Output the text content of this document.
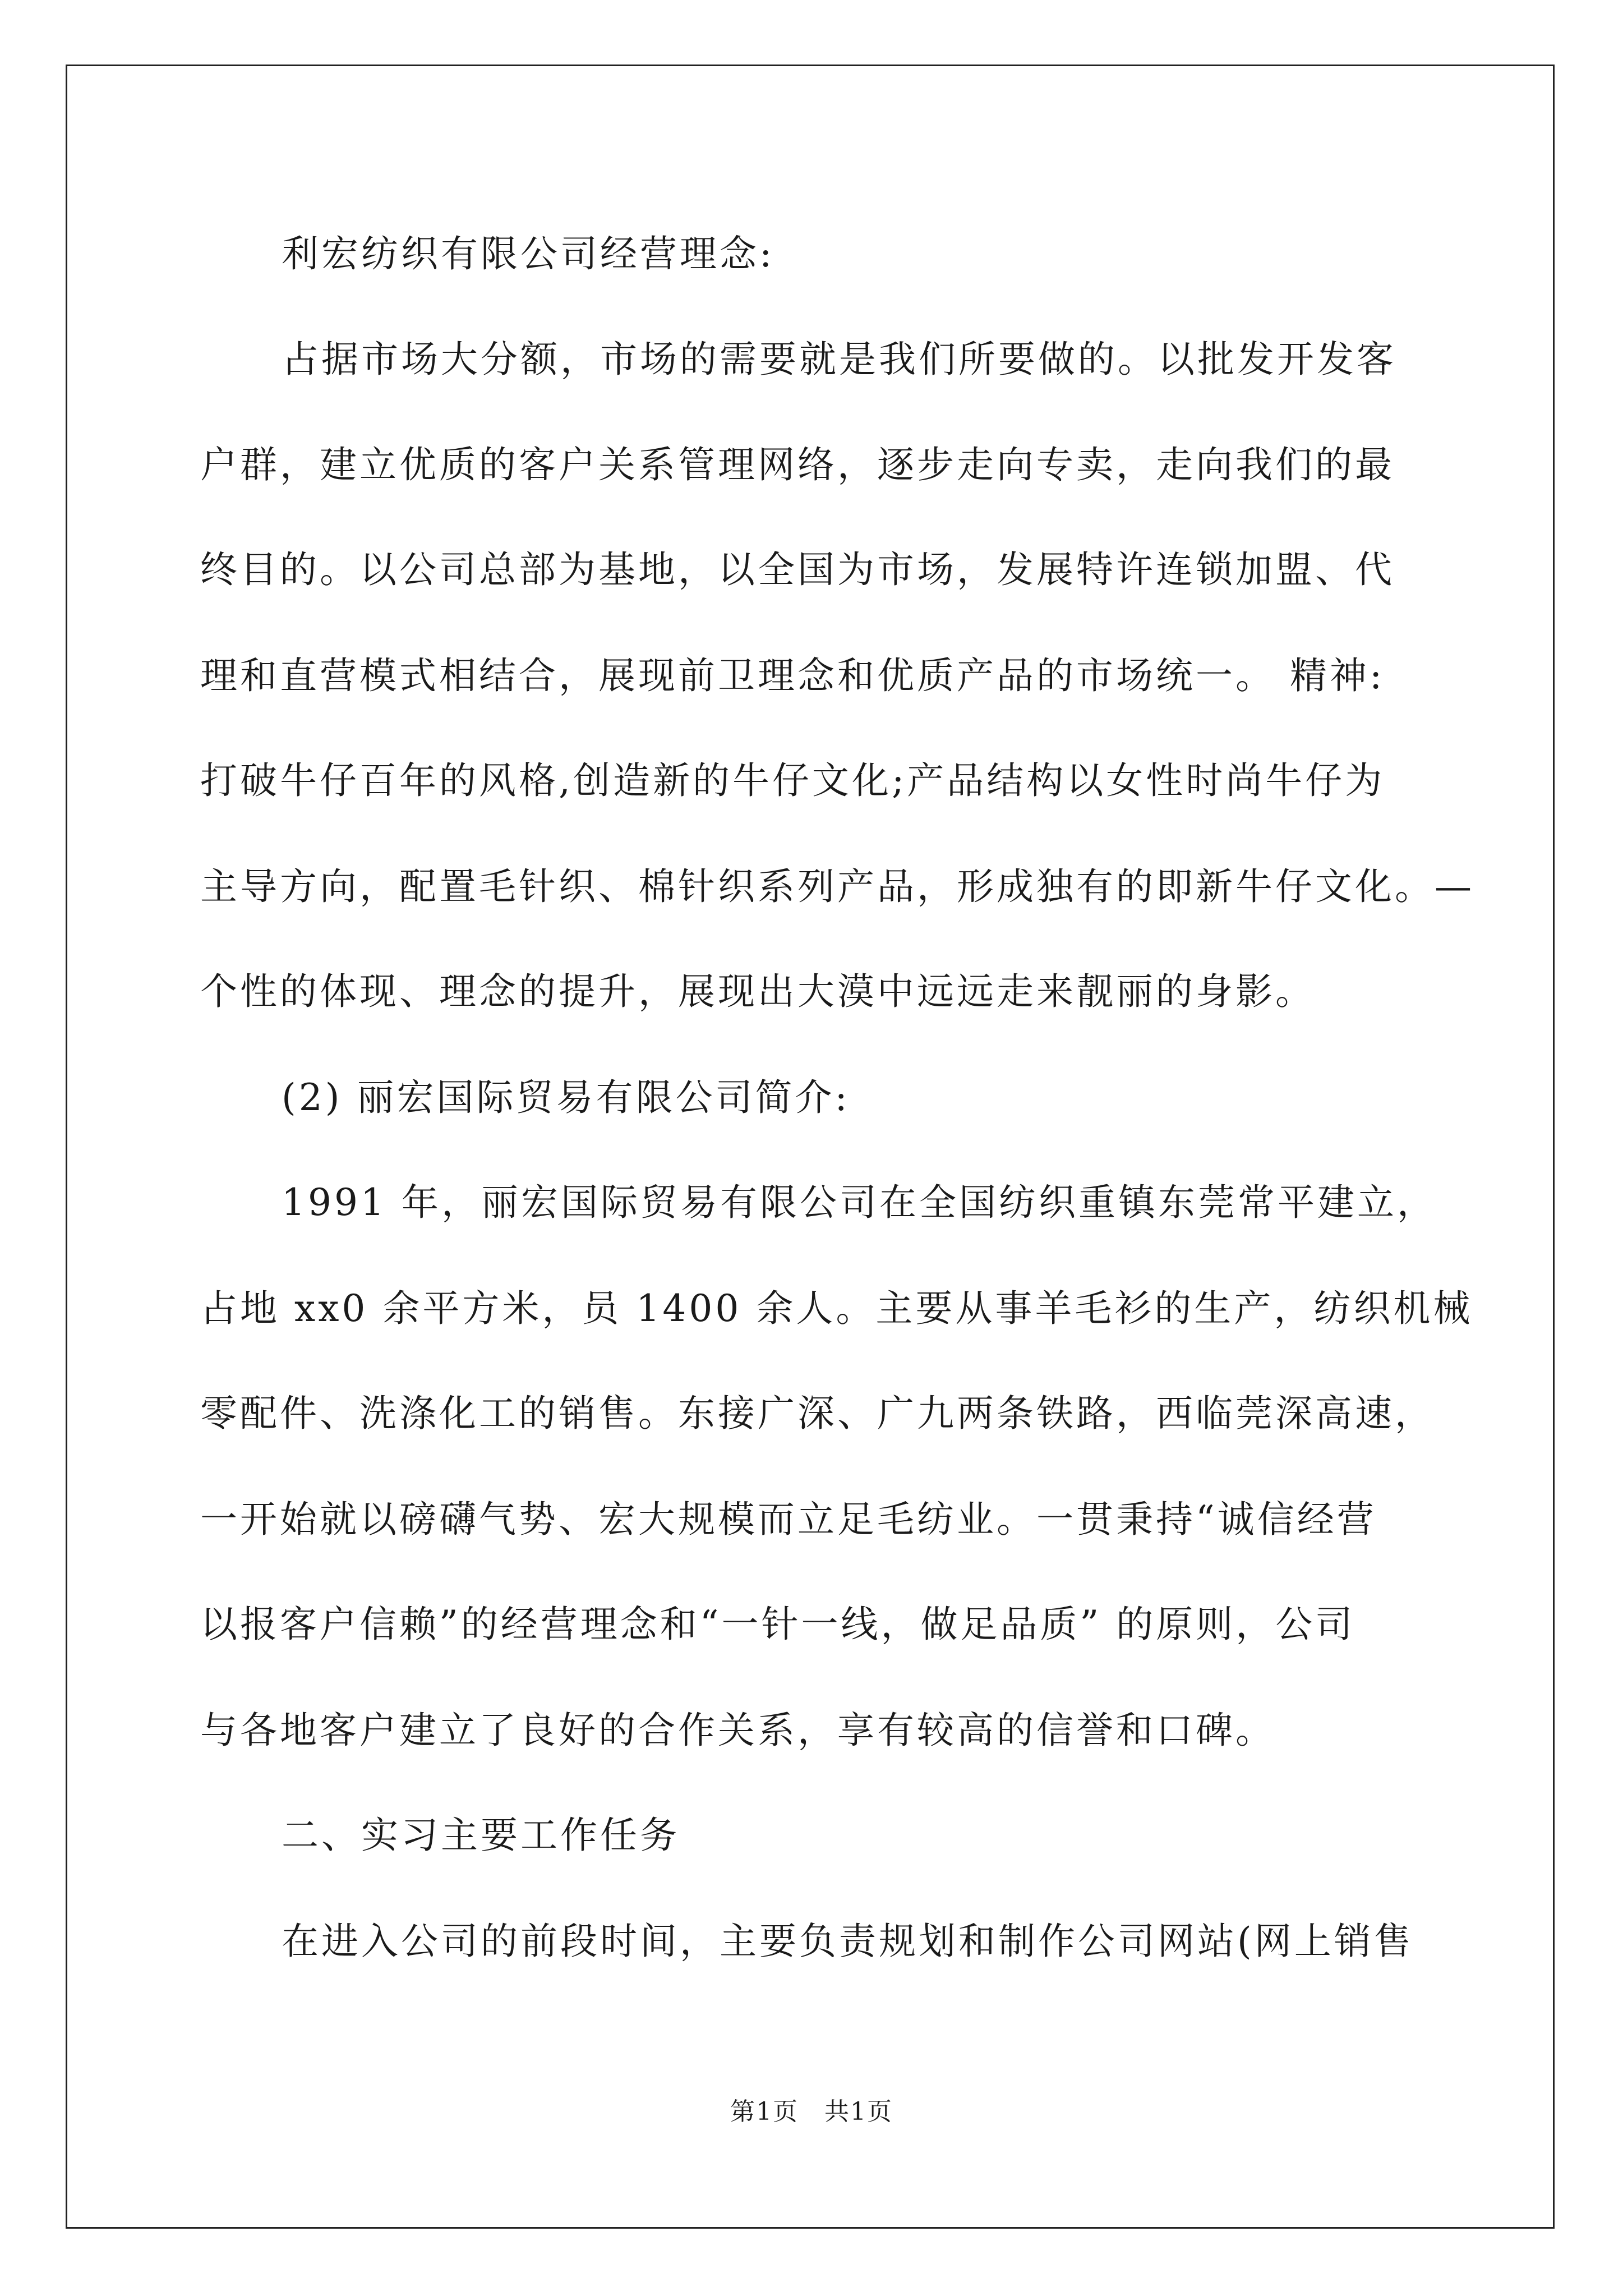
利宏纺织有限公司经营理念:
占据市场大分额，市场的需要就是我们所要做的。以批发开发客
户群，建立优质的客户关系管理网络，逐步走向专卖，走向我们的最
终目的。以公司总部为基地，以全国为市场，发展特许连锁加盟、代
理和直营模式相结合，展现前卫理念和优质产品的市场统一。 精神:
打破牛仔百年的风格,创造新的牛仔文化;产品结构以女性时尚牛仔为
主导方向，配置毛针织、棉针织系列产品，形成独有的即新牛仔文化。—
个性的体现、理念的提升，展现出大漠中远远走来靓丽的身影。
(2) 丽宏国际贸易有限公司简介:
1991 年，丽宏国际贸易有限公司在全国纺织重镇东莞常平建立，
占地 xx0 余平方米，员 1400 余人。主要从事羊毛衫的生产，纺织机械
零配件、洗涤化工的销售。东接广深、广九两条铁路，西临莞深高速，
一开始就以磅礴气势、宏大规模而立足毛纺业。一贯秉持“诚信经营
以报客户信赖”的经营理念和“一针一线，做足品质” 的原则，公司
与各地客户建立了良好的合作关系，享有较高的信誉和口碑。
二、实习主要工作任务
在进入公司的前段时间，主要负责规划和制作公司网站(网上销售
第1页　共1页
